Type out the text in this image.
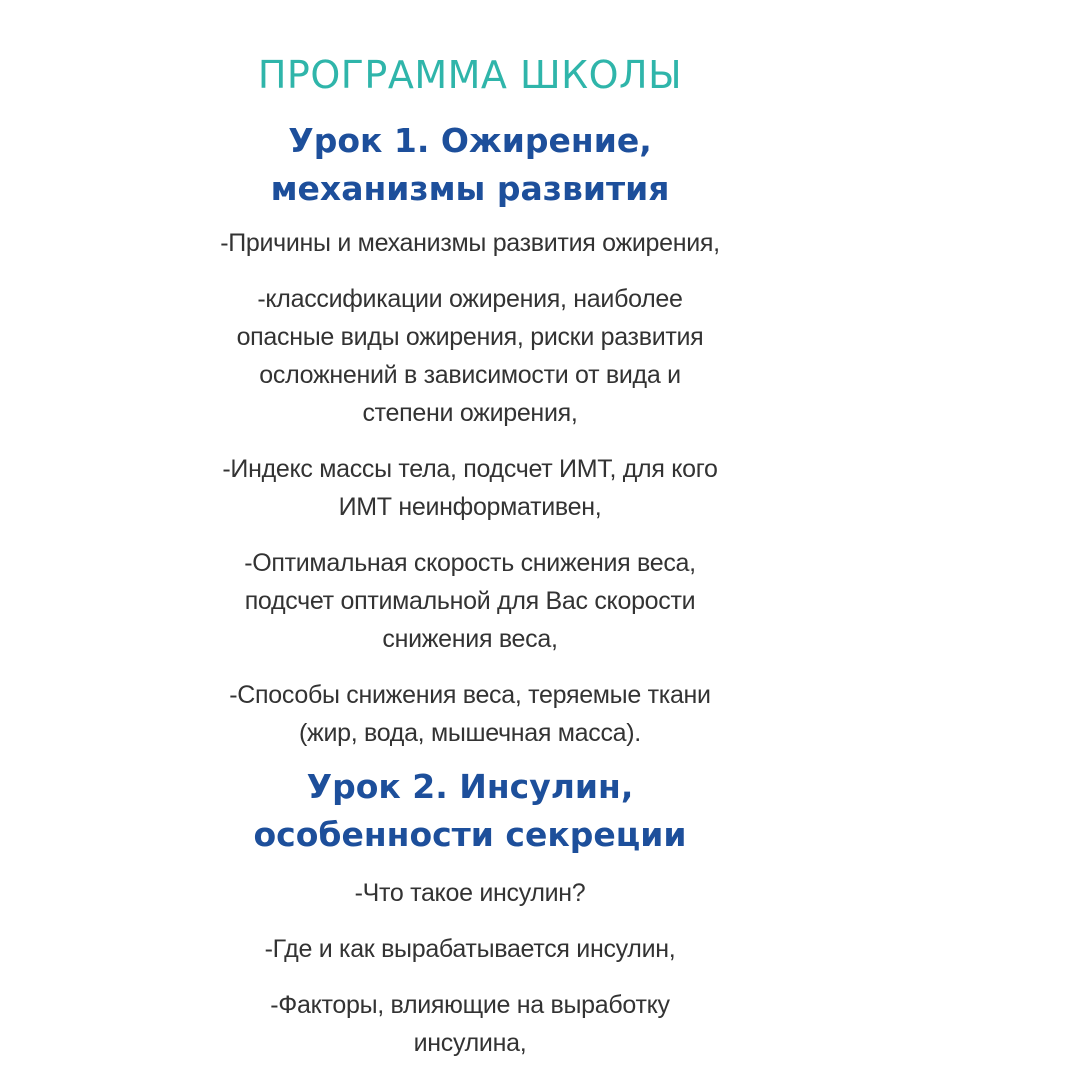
ПРОГРАММА ШКОЛЫ
Урок 1. Ожирение,
механизмы развития
-Причины и механизмы развития ожирения,
-классификации ожирения, наиболее
опасные виды ожирения, риски развития
осложнений в зависимости от вида и
степени ожирения,
-Индекс массы тела, подсчет ИМТ, для кого
ИМТ неинформативен,
-Оптимальная скорость снижения веса,
подсчет оптимальной для Вас скорости
снижения веса,
-Способы снижения веса, теряемые ткани
(жир, вода, мышечная масса).
Урок 2. Инсулин,
особенности секреции
-Что такое инсулин?
-Где и как вырабатывается инсулин,
-Факторы, влияющие на выработку
инсулина,
